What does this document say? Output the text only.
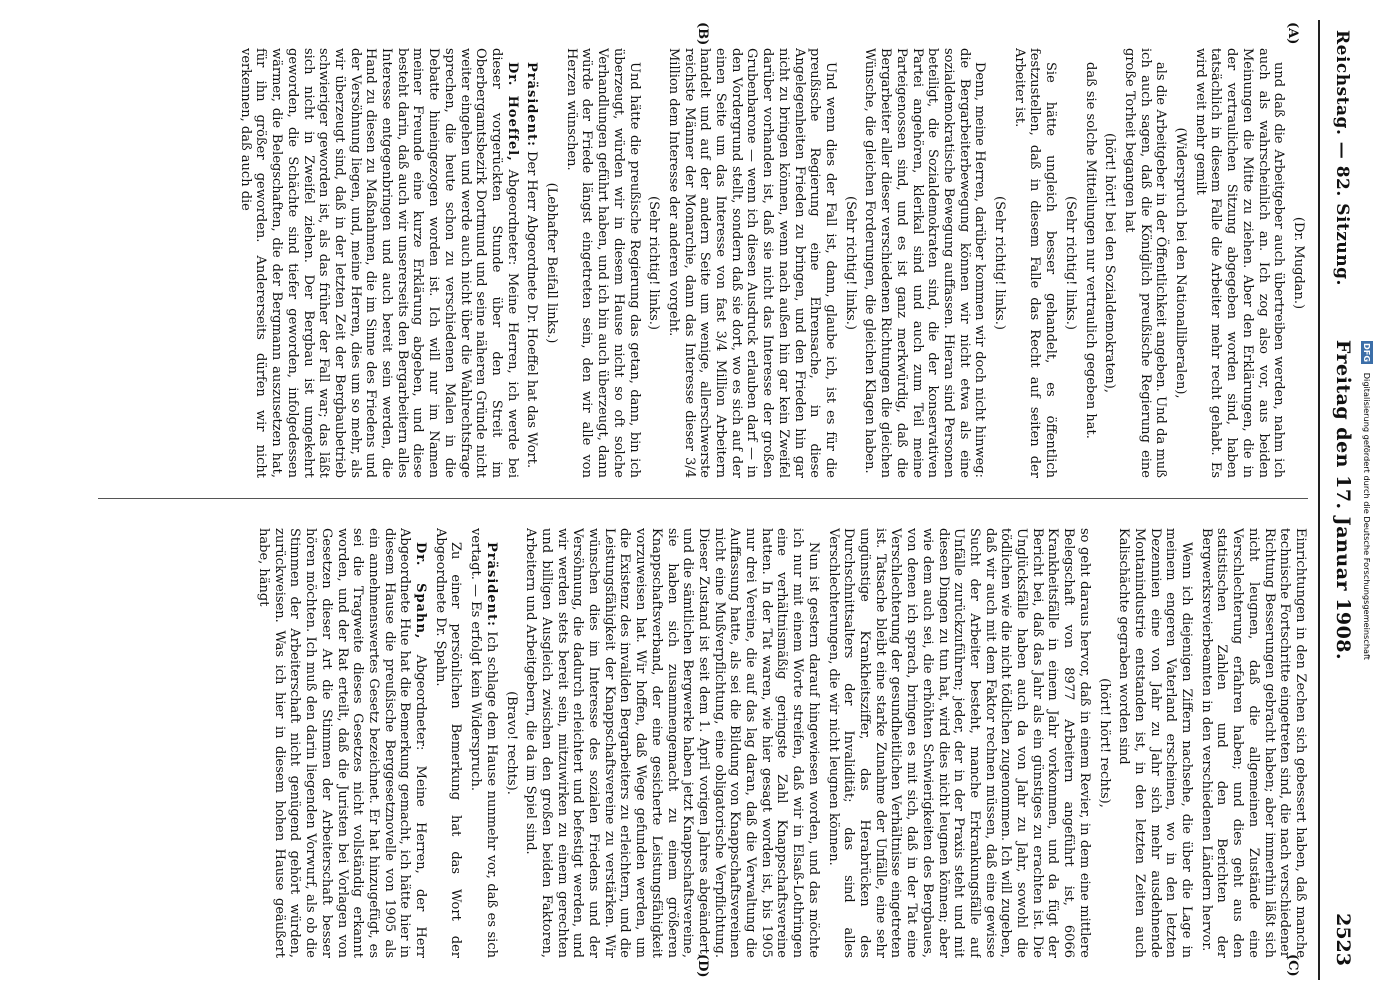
Reichstag. — 82. Sitzung.
Freitag den 17. Januar 1908.
2523
(A)
(B)
(C)
(D)
(Dr. Mugdan.)

und daß die Arbeitgeber auch übertreiben werden, nahm ich auch als wahrscheinlich an. Ich zog also vor, aus beiden Meinungen die Mitte zu ziehen. Aber den Erklärungen, die in der vertraulichen Sitzung abgegeben worden sind, haben tatsächlich in diesem Falle die Arbeiter mehr recht gehabt. Es wird weit mehr gemilt

(Widerspruch bei den Nationalliberalen),

als die Arbeitgeber in der Öffentlichkeit angeben. Und da muß ich auch sagen, daß die Königlich preußische Regierung eine große Torheit begangen hat

(hört! hört! bei den Sozialdemokraten),

daß sie solche Mitteilungen nur vertraulich gegeben hat.

(Sehr richtig! links.)

Sie hätte ungleich besser gehandelt, es öffentlich festzustellen, daß in diesem Falle das Recht auf seiten der Arbeiter ist.

(Sehr richtig! links.)

Denn, meine Herren, darüber kommen wir doch nicht hinweg: die Bergarbeiterbewegung können wir nicht etwa als eine sozialdemokratische Bewegung auffassen. Hieran sind Personen beteiligt, die Sozialdemokraten sind, die der konservativen Partei angehören, klerikal sind und auch zum Teil meine Parteigenossen sind, und es ist ganz merkwürdig, daß die Bergarbeiter aller dieser verschiedenen Richtungen die gleichen Wünsche, die gleichen Forderungen, die gleichen Klagen haben.

(Sehr richtig! links.)

Und wenn dies der Fall ist, dann, glaube ich, ist es für die preußische Regierung eine Ehrensache, in diese Angelegenheiten Frieden zu bringen, und den Frieden hin gar nicht zu bringen können, wenn nach außen hin gar kein Zweifel darüber vorhanden ist, daß sie nicht das Interesse der großen Grubenbarone — wenn ich diesen Ausdruck erlauben darf — in den Vordergrund stellt, sondern daß sie dort, wo es sich auf der einen Seite um das Interesse von fast 3/4 Million Arbeitern handelt und auf der andern Seite um wenige, allerschwerste reichste Männer der Monarchie, dann das Interesse dieser 3/4 Million dem Interesse der anderen vorgeht.

(Sehr richtig! links.)

Und hätte die preußische Regierung das getan, dann, bin ich überzeugt, würden wir in diesem Hause nicht so oft solche Verhandlungen geführt haben, und ich bin auch überzeugt, dann würde der Friede längst eingetreten sein, den wir alle von Herzen wünschen.

(Lebhafter Beifall links.)

Präsident: Der Herr Abgeordnete Dr. Hoeffel hat das Wort.

Dr. Hoeffel, Abgeordneter: Meine Herren, ich werde bei dieser vorgerückten Stunde über den Streit im Oberbergamtsbezirk Dortmund und seine näheren Gründe nicht weiter eingehen und werde auch nicht über die Wahlrechtsfrage sprechen, die heute schon zu verschiedenen Malen in die Debatte hineingezogen worden ist. Ich will nur im Namen meiner Freunde eine kurze Erklärung abgeben, und diese besteht darin, daß auch wir unsererseits den Bergarbeitern alles Interesse entgegenbringen und auch bereit sein werden, die Hand zu diesen zu Maßnahmen, die im Sinne des Friedens und der Versöhnung liegen, und, meine Herren, dies um so mehr, als wir überzeugt sind, daß in der letzten Zeit der Bergbaubetrieb schwieriger geworden ist, als das früher der Fall war; das läßt sich nicht in Zweifel ziehen. Der Bergbau ist umgekehrt geworden, die Schächte sind tiefer geworden, infolgedessen wärmer, die Belegschaften, die der Bergmann auszusetzen hat, für ihn größer geworden. Andererseits dürfen wir nicht verkennen, daß auch die

Einrichtungen in den Zechen sich gebessert haben, daß manche technische Fortschritte eingetreten sind, die nach verschiedener Richtung Besserungen gebracht haben; aber immerhin läßt sich nicht leugnen, daß die allgemeinen Zustände eine Verschlechterung erfahren haben; und dies geht aus den statistischen Zahlen und den Berichten der Bergwerksrevierbeamten in den verschiedenen Ländern hervor.

Wenn ich diejenigen Ziffern nachsehe, die über die Lage in meinem engeren Vaterland erscheinen, wo in den letzten Dezennien eine von Jahr zu Jahr sich mehr ausdehnende Montanindustrie entstanden ist, in den letzten Zeiten auch Kalischächte gegraben worden sind

(hört! hört! rechts),

so geht daraus hervor, daß in einem Revier, in dem eine mittlere Belegschaft von 8977 Arbeitern angeführt ist, 6066 Krankheitsfälle in einem Jahr vorkommen, und da fügt der Bericht bei, daß das Jahr als ein günstiges zu erachten ist. Die Unglücksfälle haben auch da von Jahr zu Jahr, sowohl die tödlichen wie die nicht tödlichen zugenommen. Ich will zugeben, daß wir auch mit dem Faktor rechnen müssen, daß eine gewisse Sucht der Arbeiter besteht, manche Erkrankungsfälle auf Unfälle zurückzuführen; jeder, der in der Praxis steht und mit diesen Dingen zu tun hat, wird dies nicht leugnen können; aber wie dem auch sei, die erhöhten Schwierigkeiten des Bergbaues, von denen ich sprach, bringen es mit sich, daß in der Tat eine Verschlechterung der gesundheitlichen Verhältnisse eingetreten ist. Tatsache bleibt eine starke Zunahme der Unfälle, eine sehr ungünstige Krankheitsziffer, das Herabrücken des Durchschnittsalters der Invalidität; das sind alles Verschlechterungen, die wir nicht leugnen können.

Nun ist gestern darauf hingewiesen worden, und das möchte ich nur mit einem Worte streifen, daß wir in Elsaß-Lothringen eine verhältnismäßig geringste Zahl Knappschaftsvereine hatten. In der Tat waren, wie hier gesagt worden ist, bis 1905 nur drei Vereine, die auf das lag daran, daß die Verwaltung die Auffassung hatte, als sei die Bildung von Knappschaftsvereinen nicht eine Mußverpflichtung, eine obligatorische Verpflichtung. Dieser Zustand ist seit dem 1. April vorigen Jahres abgeändert, und die sämtlichen Bergwerke haben jetzt Knappschaftsvereine, sie haben sich zusammengemacht zu einem größeren Knappschaftsverband, der eine gesicherte Leistungsfähigkeit vorzuweisen hat. Wir hoffen, daß Wege gefunden werden, um die Existenz des invaliden Bergarbeiters zu erleichtern, und die Leistungsfähigkeit der Knappschaftsvereine zu verstärken. Wir wünschen dies im Interesse des sozialen Friedens und der Versöhnung, die dadurch erleichtert und befestigt werden, und wir werden stets bereit sein, mitzuwirken zu einem gerechten und billigen Ausgleich zwischen den großen beiden Faktoren, Arbeitern und Arbeitgebern, die da im Spiel sind.

(Bravo! rechts).

Präsident: Ich schlage dem Hause nunmehr vor, daß es sich vertagt. — Es erfolgt kein Widerspruch.

Zu einer persönlichen Bemerkung hat das Wort der Abgeordnete Dr. Spahn.

Dr. Spahn, Abgeordneter: Meine Herren, der Herr Abgeordnete Hue hat die Bemerkung gemacht, ich hätte hier in diesem Hause die preußische Berggesetznovelle von 1905 als ein annehmenswertes Gesetz bezeichnet. Er hat hinzugefügt, es sei die Tragweite dieses Gesetzes nicht vollständig erkannt worden, und der Rat erteilt, daß die Juristen bei Vorlagen von Gesetzen dieser Art die Stimmen der Arbeiterschaft besser hören möchten. Ich muß den darin liegenden Vorwurf, als ob die Stimmen der Arbeiterschaft nicht genügend gehört würden, zurückweisen. Was ich hier in diesem hohen Hause geäußert habe, hängt

DFG Digitalisierung gefördert durch die Deutsche Forschungsgemeinschaft
